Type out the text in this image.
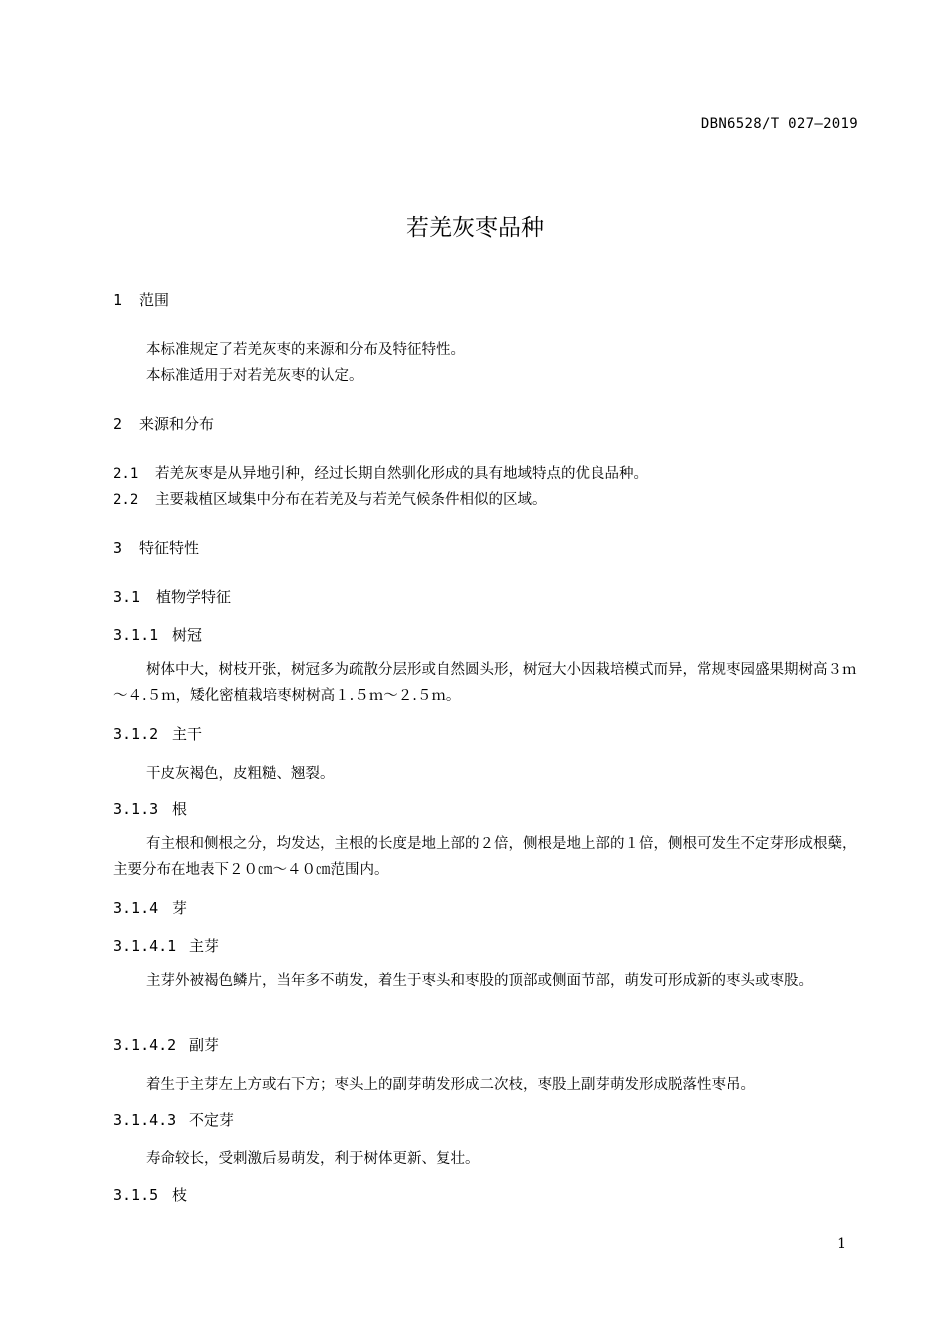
DBN6528/T 027—2019
若羌灰枣品种
1 范围
本标准规定了若羌灰枣的来源和分布及特征特性。
本标准适用于对若羌灰枣的认定。
2 来源和分布
2.1 若羌灰枣是从异地引种，经过长期自然驯化形成的具有地域特点的优良品种。
2.2 主要栽植区域集中分布在若羌及与若羌气候条件相似的区域。
3 特征特性
3.1 植物学特征
3.1.1 树冠
树体中大，树枝开张，树冠多为疏散分层形或自然圆头形，树冠大小因栽培模式而异，常规枣园盛果期树高３ｍ～４.５ｍ，矮化密植栽培枣树树高１.５ｍ～２.５ｍ。
3.1.2 主干
干皮灰褐色，皮粗糙、翘裂。
3.1.3 根
有主根和侧根之分，均发达，主根的长度是地上部的２倍，侧根是地上部的１倍，侧根可发生不定芽形成根蘖，主要分布在地表下２０㎝～４０㎝范围内。
3.1.4 芽
3.1.4.1 主芽
主芽外被褐色鳞片，当年多不萌发，着生于枣头和枣股的顶部或侧面节部，萌发可形成新的枣头或枣股。
3.1.4.2 副芽
着生于主芽左上方或右下方；枣头上的副芽萌发形成二次枝，枣股上副芽萌发形成脱落性枣吊。
3.1.4.3 不定芽
寿命较长，受刺激后易萌发，利于树体更新、复壮。
3.1.5 枝
1
